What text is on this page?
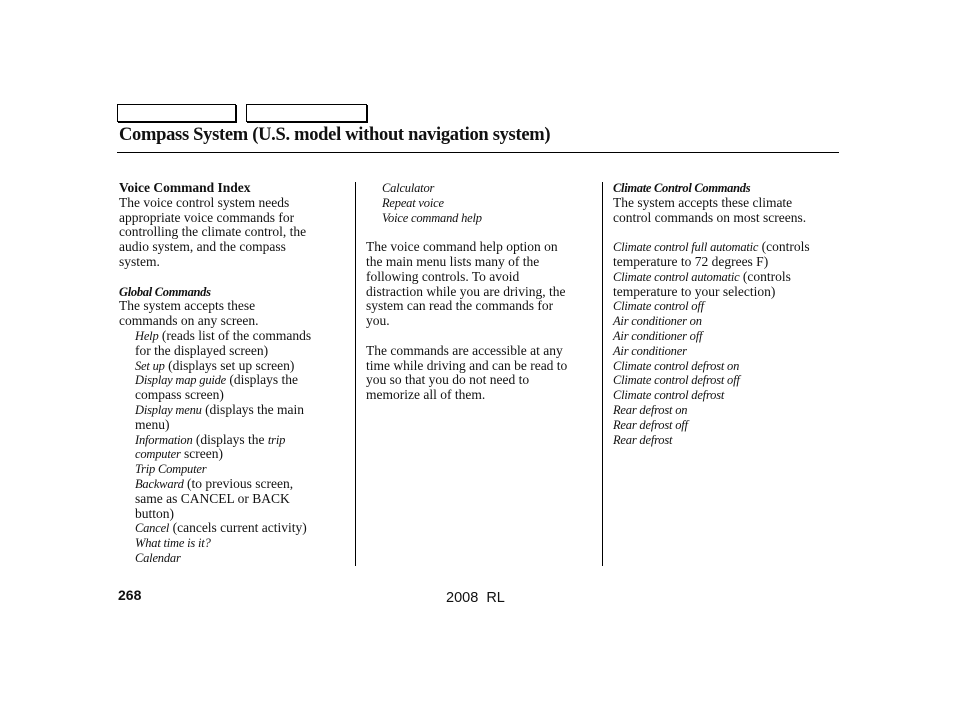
Compass System (U.S. model without navigation system)
Voice Command Index
The voice control system needs
appropriate voice commands for
controlling the climate control, the
audio system, and the compass
system.
Global Commands
The system accepts these
commands on any screen.
Help (reads list of the commands
for the displayed screen)
Set up (displays set up screen)
Display map guide (displays the
compass screen)
Display menu (displays the main
menu)
Information (displays the trip
computer screen)
Trip Computer
Backward (to previous screen,
same as CANCEL or BACK
button)
Cancel (cancels current activity)
What time is it?
Calendar
Calculator
Repeat voice
Voice command help
The voice command help option on
the main menu lists many of the
following controls. To avoid
distraction while you are driving, the
system can read the commands for
you.
The commands are accessible at any
time while driving and can be read to
you so that you do not need to
memorize all of them.
Climate Control Commands
The system accepts these climate
control commands on most screens.
Climate control full automatic (controls
temperature to 72 degrees F)
Climate control automatic (controls
temperature to your selection)
Climate control off
Air conditioner on
Air conditioner off
Air conditioner
Climate control defrost on
Climate control defrost off
Climate control defrost
Rear defrost on
Rear defrost off
Rear defrost
268	2008  RL
